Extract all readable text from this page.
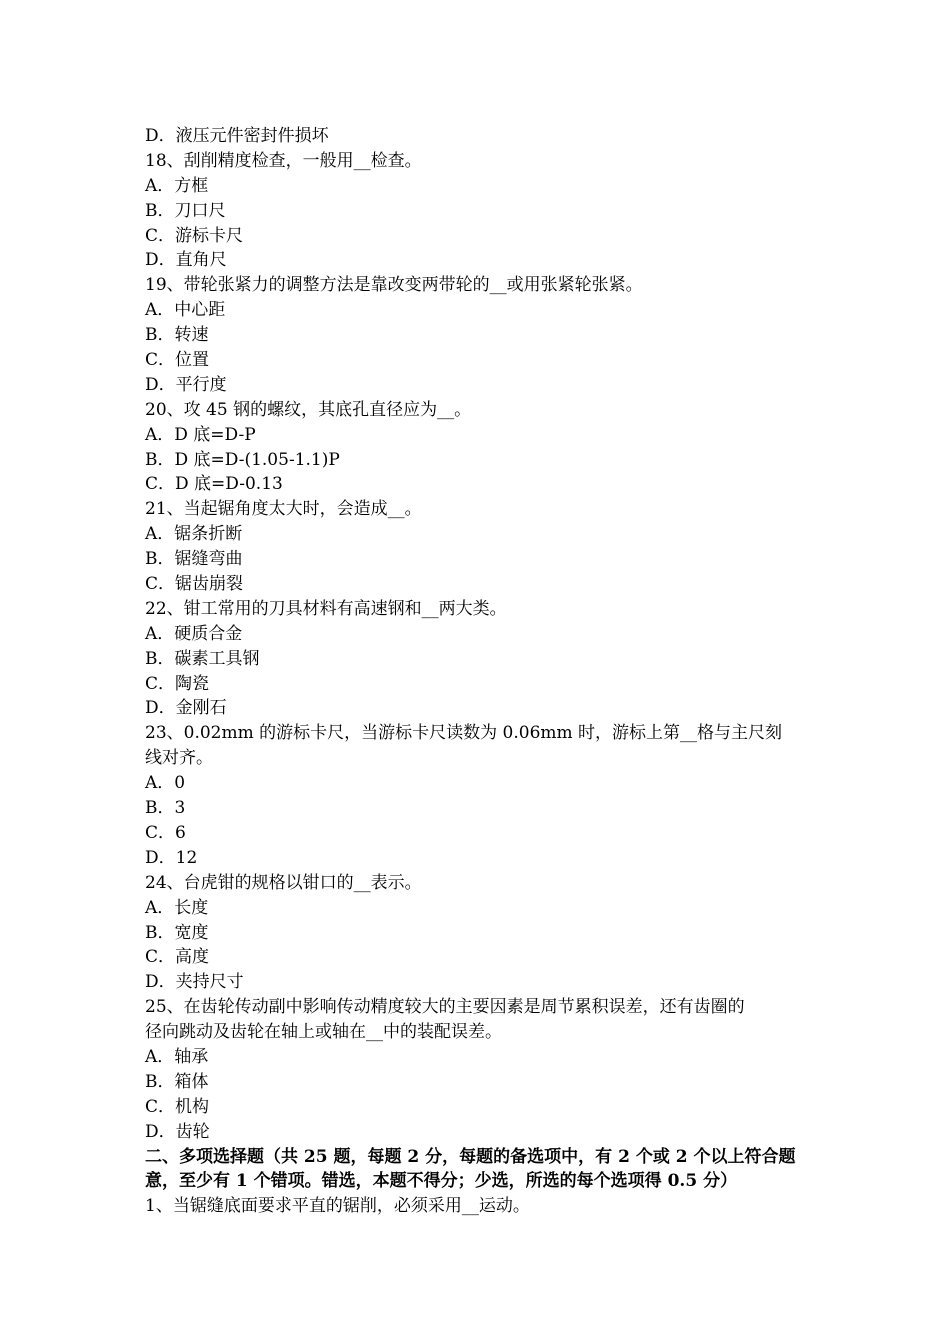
D．液压元件密封件损坏
18、刮削精度检查，一般用__检查。
A．方框
B．刀口尺
C．游标卡尺
D．直角尺
19、带轮张紧力的调整方法是靠改变两带轮的__或用张紧轮张紧。
A．中心距
B．转速
C．位置
D．平行度
20、攻 45 钢的螺纹，其底孔直径应为__。
A．D 底=D-P
B．D 底=D-(1.05-1.1)P
C．D 底=D-0.13
21、当起锯角度太大时，会造成__。
A．锯条折断
B．锯缝弯曲
C．锯齿崩裂
22、钳工常用的刀具材料有高速钢和__两大类。
A．硬质合金
B．碳素工具钢
C．陶瓷
D．金刚石
23、0.02mm 的游标卡尺，当游标卡尺读数为 0.06mm 时，游标上第__格与主尺刻
线对齐。
A．0
B．3
C．6
D．12
24、台虎钳的规格以钳口的__表示。
A．长度
B．宽度
C．高度
D．夹持尺寸
25、在齿轮传动副中影响传动精度较大的主要因素是周节累积误差，还有齿圈的
径向跳动及齿轮在轴上或轴在__中的装配误差。
A．轴承
B．箱体
C．机构
D．齿轮
二、多项选择题（共 25 题，每题 2 分，每题的备选项中，有 2 个或 2 个以上符合题
意，至少有 1 个错项。错选，本题不得分；少选，所选的每个选项得 0.5 分）
1、当锯缝底面要求平直的锯削，必须采用__运动。
